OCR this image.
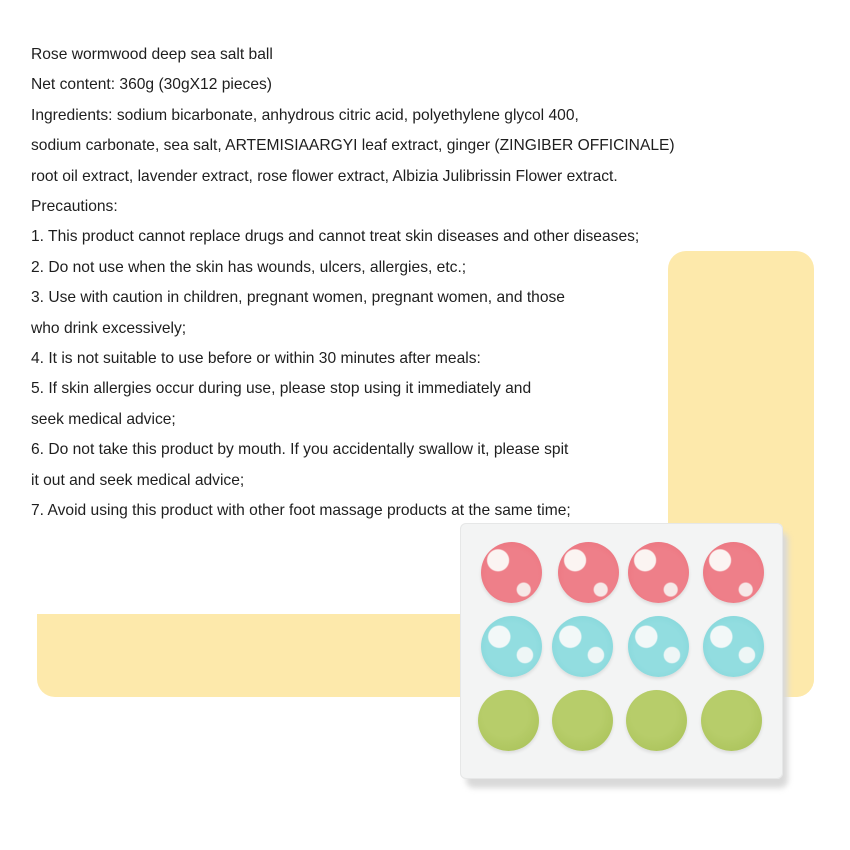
Rose wormwood deep sea salt ball
Net content: 360g (30gX12 pieces)
Ingredients: sodium bicarbonate, anhydrous citric acid, polyethylene glycol 400,
sodium carbonate, sea salt, ARTEMISIAARGYI leaf extract, ginger (ZINGIBER OFFICINALE)
root oil extract, lavender extract, rose flower extract, Albizia Julibrissin Flower extract.
Precautions:
1. This product cannot replace drugs and cannot treat skin diseases and other diseases;
2. Do not use when the skin has wounds, ulcers, allergies, etc.;
3. Use with caution in children, pregnant women, pregnant women, and those
who drink excessively;
4. It is not suitable to use before or within 30 minutes after meals:
5. If skin allergies occur during use, please stop using it immediately and
seek medical advice;
6. Do not take this product by mouth. If you accidentally swallow it, please spit
it out and seek medical advice;
7. Avoid using this product with other foot massage products at the same time;
